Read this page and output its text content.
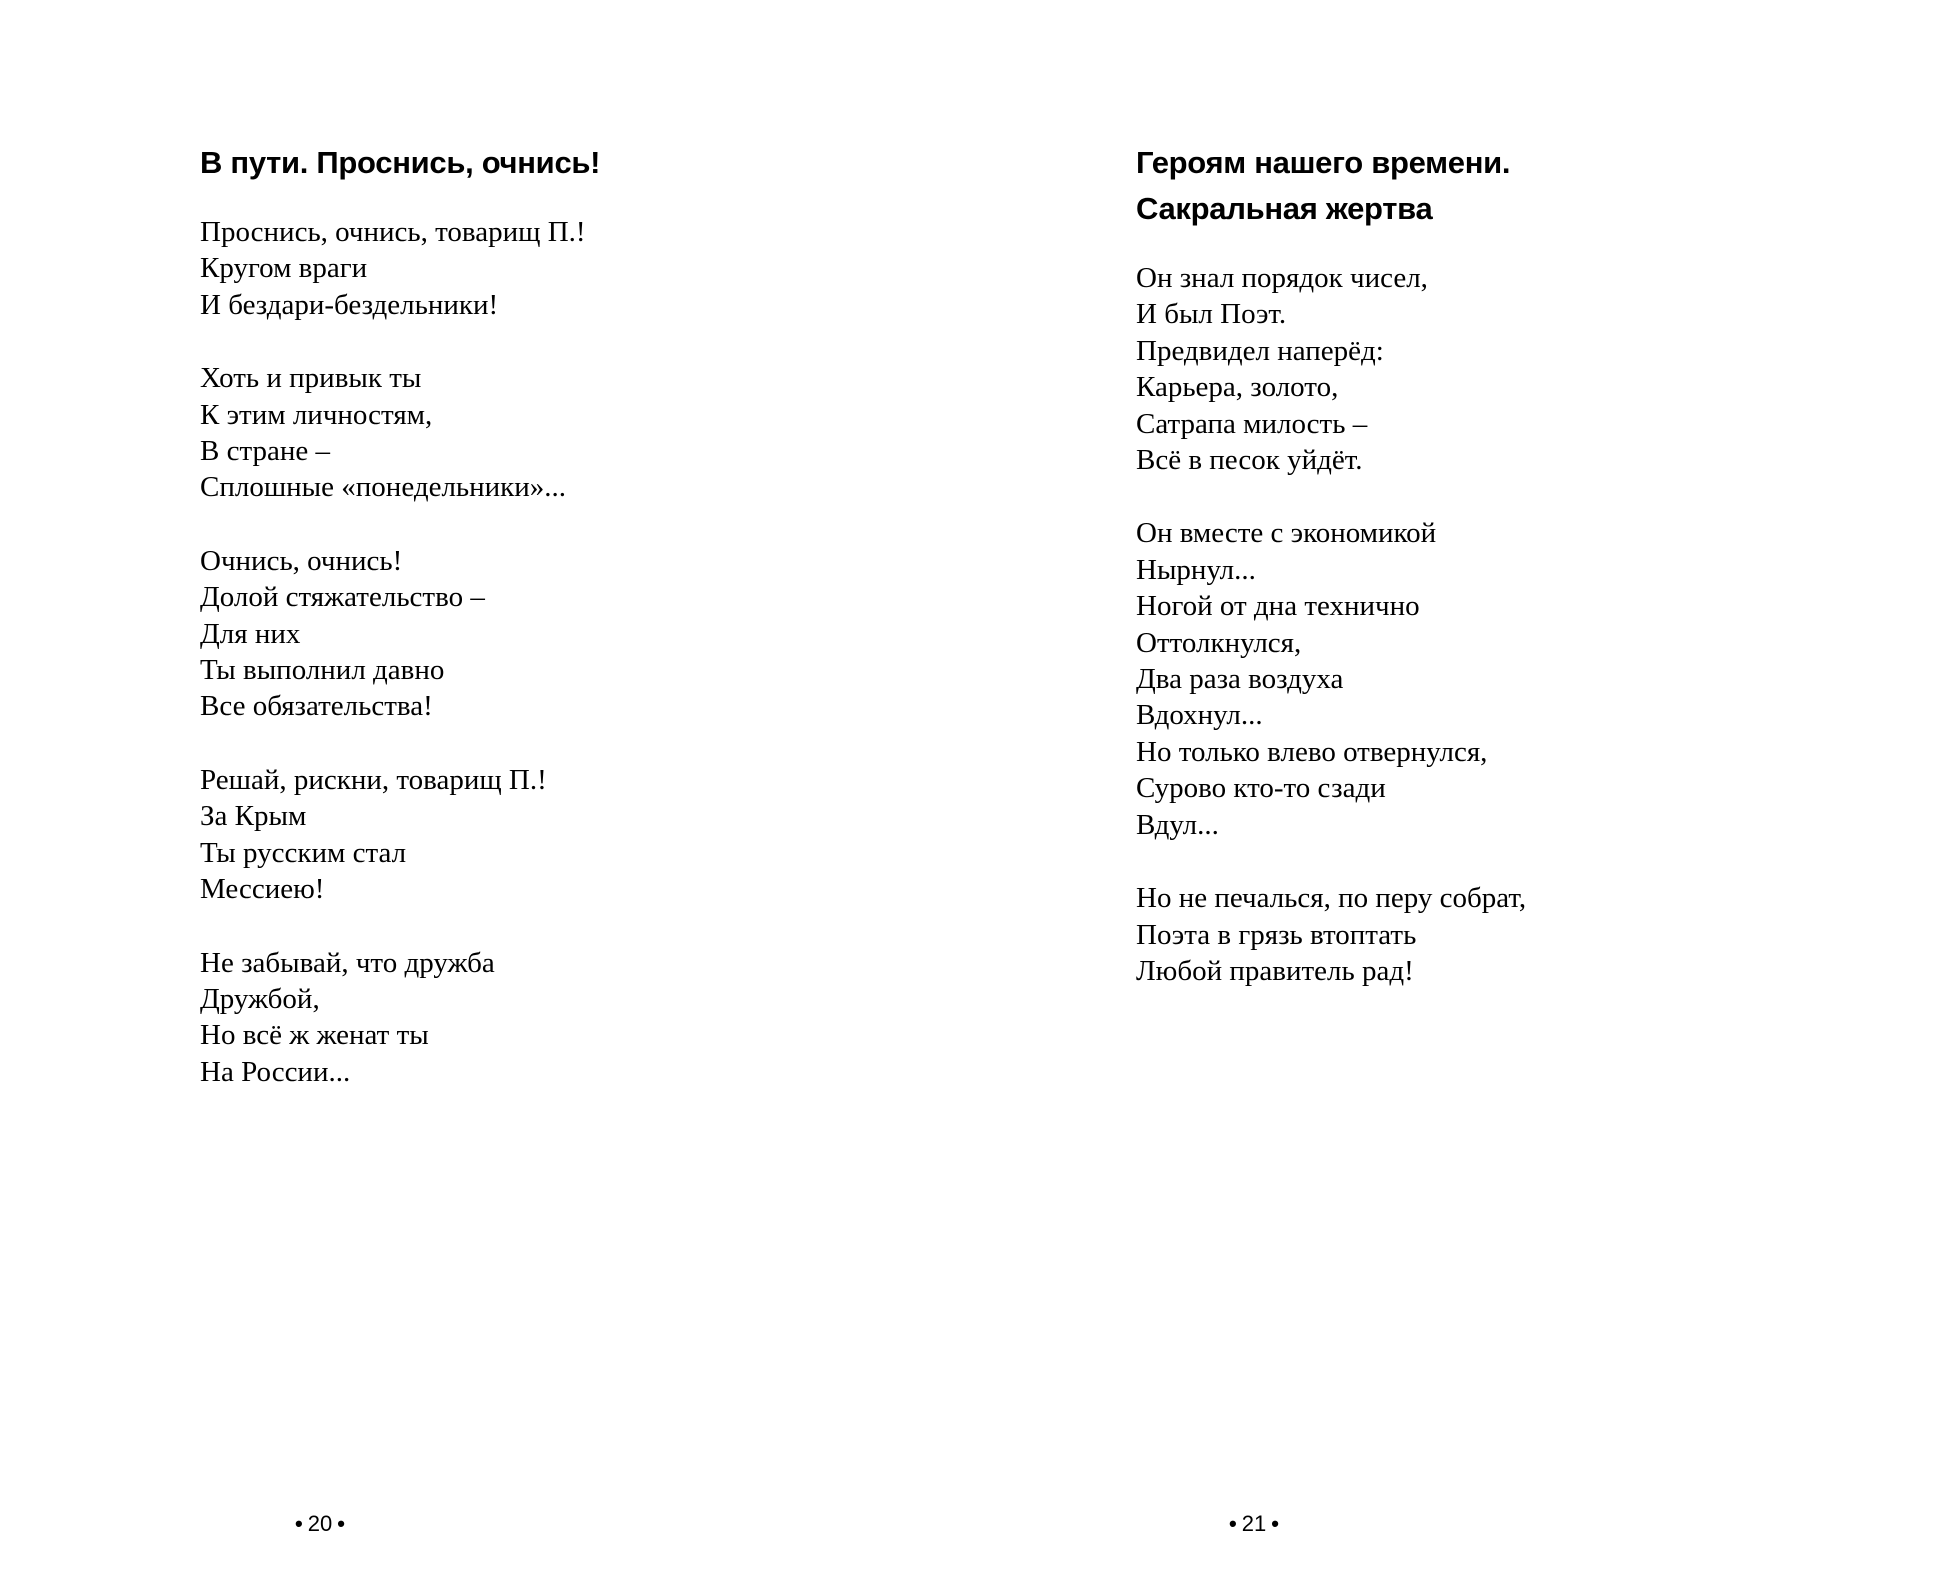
В пути. Проснись, очнись!
Проснись, очнись, товарищ П.!
Кругом враги
И бездари-бездельники!
Хоть и привык ты
К этим личностям,
В стране –
Сплошные «понедельники»...
Очнись, очнись!
Долой стяжательство –
Для них
Ты выполнил давно
Все обязательства!
Решай, рискни, товарищ П.!
За Крым
Ты русским стал
Мессиею!
Не забывай, что дружба
Дружбой,
Но всё ж женат ты
На России...
• 20 •
Героям нашего времени.
Сакральная жертва
Он знал порядок чисел,
И был Поэт.
Предвидел наперёд:
Карьера, золото,
Сатрапа милость –
Всё в песок уйдёт.
Он вместе с экономикой
Нырнул...
Ногой от дна технично
Оттолкнулся,
Два раза воздуха
Вдохнул...
Но только влево отвернулся,
Сурово кто-то сзади
Вдул...
Но не печалься, по перу собрат,
Поэта в грязь втоптать
Любой правитель рад!
• 21 •
